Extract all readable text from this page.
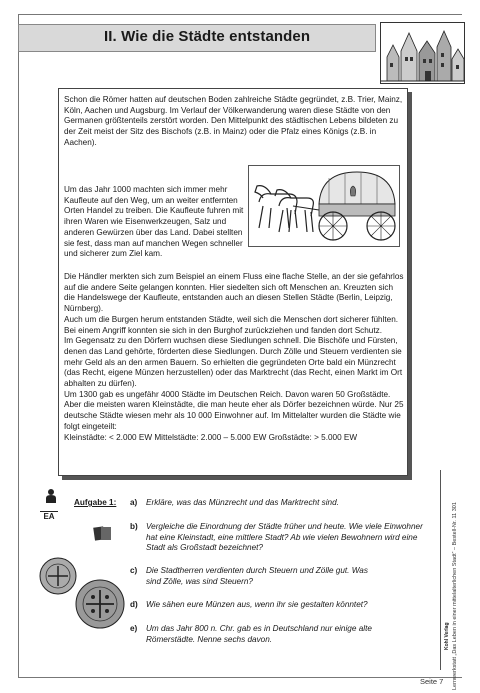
II. Wie die Städte entstanden
Schon die Römer hatten auf deutschen Boden zahlreiche Städte gegründet, z.B. Trier, Mainz, Köln, Aachen und Augsburg. Im Verlauf der Völkerwanderung waren diese Städte von den Germanen größtenteils zerstört worden. Den Mittelpunkt des städtischen Lebens bildeten zu der Zeit meist der Sitz des Bischofs (z.B. in Mainz) oder die Pfalz eines Königs (z.B. in Aachen).
Um das Jahr 1000 machten sich immer mehr Kaufleute auf den Weg, um an weiter entfernten Orten Handel zu treiben. Die Kaufleute fuhren mit ihren Waren wie Eisenwerkzeugen, Salz und anderen Gewürzen über das Land. Dabei stellten sie fest, dass man auf manchen Wegen schneller und sicherer zum Ziel kam.
Die Händler merkten sich zum Beispiel an einem Fluss eine flache Stelle, an der sie gefahrlos auf die andere Seite gelangen konnten. Hier siedelten sich oft Menschen an. Kreuzten sich die Handelswege der Kaufleute, entstanden auch an diesen Stellen Städte (Berlin, Leipzig, Nürnberg).
Auch um die Burgen herum entstanden Städte, weil sich die Menschen dort sicherer fühlten. Bei einem Angriff konnten sie sich in den Burghof zurückziehen und fanden dort Schutz.
Im Gegensatz zu den Dörfern wuchsen diese Siedlungen schnell. Die Bischöfe und Fürsten, denen das Land gehörte, förderten diese Siedlungen. Durch Zölle und Steuern verdienten sie mehr Geld als an den armen Bauern. So erhielten die gegründeten Orte bald ein Münzrecht (das Recht, eigene Münzen herzustellen) oder das Marktrecht (das Recht, einen Markt im Ort abhalten zu dürfen).
Um 1300 gab es ungefähr 4000 Städte im Deutschen Reich. Davon waren 50 Großstädte. Aber die meisten waren Kleinstädte, die man heute eher als Dörfer bezeichnen würde. Nur 25 deutsche Städte wiesen mehr als 10 000 Einwohner auf. Im Mittelalter wurden die Städte wie folgt eingeteilt:
Kleinstädte: < 2.000 EW Mittelstädte: 2.000 – 5.000 EW Großstädte: > 5.000 EW
EA
Aufgabe 1: a) Erkläre, was das Münzrecht und das Marktrecht sind.
b) Vergleiche die Einordnung der Städte früher und heute. Wie viele Einwohner hat eine Kleinstadt, eine mittlere Stadt? Ab wie vielen Bewohnern wird eine Stadt als Großstadt bezeichnet?
c) Die Stadtherren verdienten durch Steuern und Zölle gut. Was sind Zölle, was sind Steuern?
d) Wie sähen eure Münzen aus, wenn ihr sie gestalten könntet?
e) Um das Jahr 800 n. Chr. gab es in Deutschland nur einige alte Römerstädte. Nenne sechs davon.	Lernwerkstatt „Das Leben in einer mittelalterlichen Stadt“ – Bestell-Nr. 11 301
Kohl Verlag
Seite 7
